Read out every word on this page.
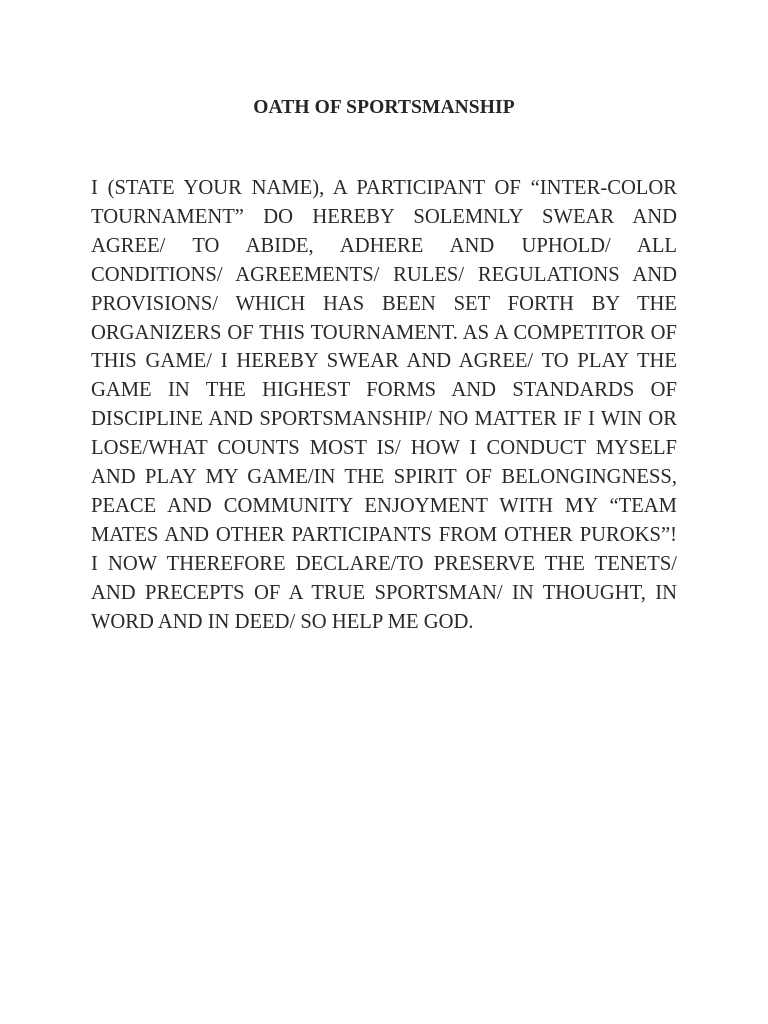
OATH OF SPORTSMANSHIP

I (STATE YOUR NAME), A PARTICIPANT OF “INTER-COLOR TOURNAMENT” DO HEREBY SOLEMNLY SWEAR AND AGREE/ TO ABIDE, ADHERE AND UPHOLD/ ALL CONDITIONS/ AGREEMENTS/ RULES/ REGULATIONS AND PROVISIONS/ WHICH HAS BEEN SET FORTH BY THE ORGANIZERS OF THIS TOURNAMENT. AS A COMPETITOR OF THIS GAME/ I HEREBY SWEAR AND AGREE/ TO PLAY THE GAME IN THE HIGHEST FORMS AND STANDARDS OF DISCIPLINE AND SPORTSMANSHIP/ NO MATTER IF I WIN OR LOSE/WHAT COUNTS MOST IS/ HOW I CONDUCT MYSELF AND PLAY MY GAME/IN THE SPIRIT OF BELONGINGNESS, PEACE AND COMMUNITY ENJOYMENT WITH MY “TEAM MATES AND OTHER PARTICIPANTS FROM OTHER PUROKS”! I NOW THEREFORE DECLARE/TO PRESERVE THE TENETS/ AND PRECEPTS OF A TRUE SPORTSMAN/ IN THOUGHT, IN WORD AND IN DEED/ SO HELP ME GOD.
